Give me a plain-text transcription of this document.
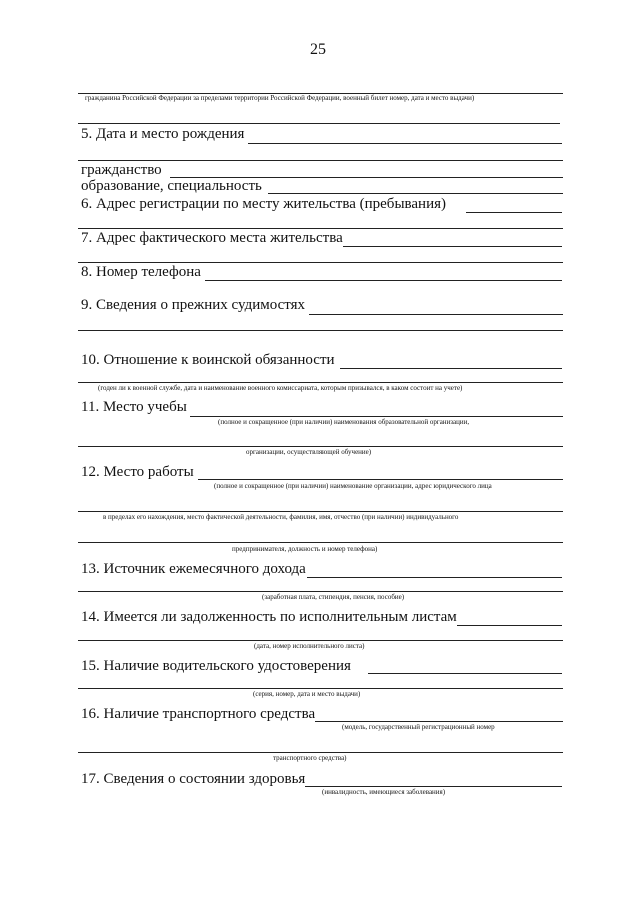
25
гражданина Российской Федерации за пределами территории Российской Федерации, военный билет номер, дата и место выдачи)
5. Дата и место рождения
гражданство
образование, специальность
6. Адрес регистрации по месту жительства (пребывания)
7. Адрес фактического места жительства
8. Номер телефона
9. Сведения о прежних судимостях
10. Отношение к воинской обязанности
(годен ли к военной службе, дата и наименование военного комиссариата, которым призывался, в каком состоит на учете)
11. Место учебы
(полное и сокращенное (при наличии) наименования образовательной организации,
организации, осуществляющей обучение)
12. Место работы
(полное и сокращенное (при наличии) наименование организации, адрес юридического лица
в пределах его нахождения, место фактической деятельности, фамилия, имя, отчество (при наличии) индивидуального
предпринимателя, должность и номер телефона)
13. Источник ежемесячного дохода
(заработная плата, стипендия, пенсия, пособие)
14. Имеется ли задолженность по исполнительным листам
(дата, номер исполнительного листа)
15. Наличие водительского удостоверения
(серия, номер, дата и место выдачи)
16. Наличие транспортного средства
(модель, государственный регистрационный номер
транспортного средства)
17. Сведения о состоянии здоровья
(инвалидность, имеющиеся заболевания)
